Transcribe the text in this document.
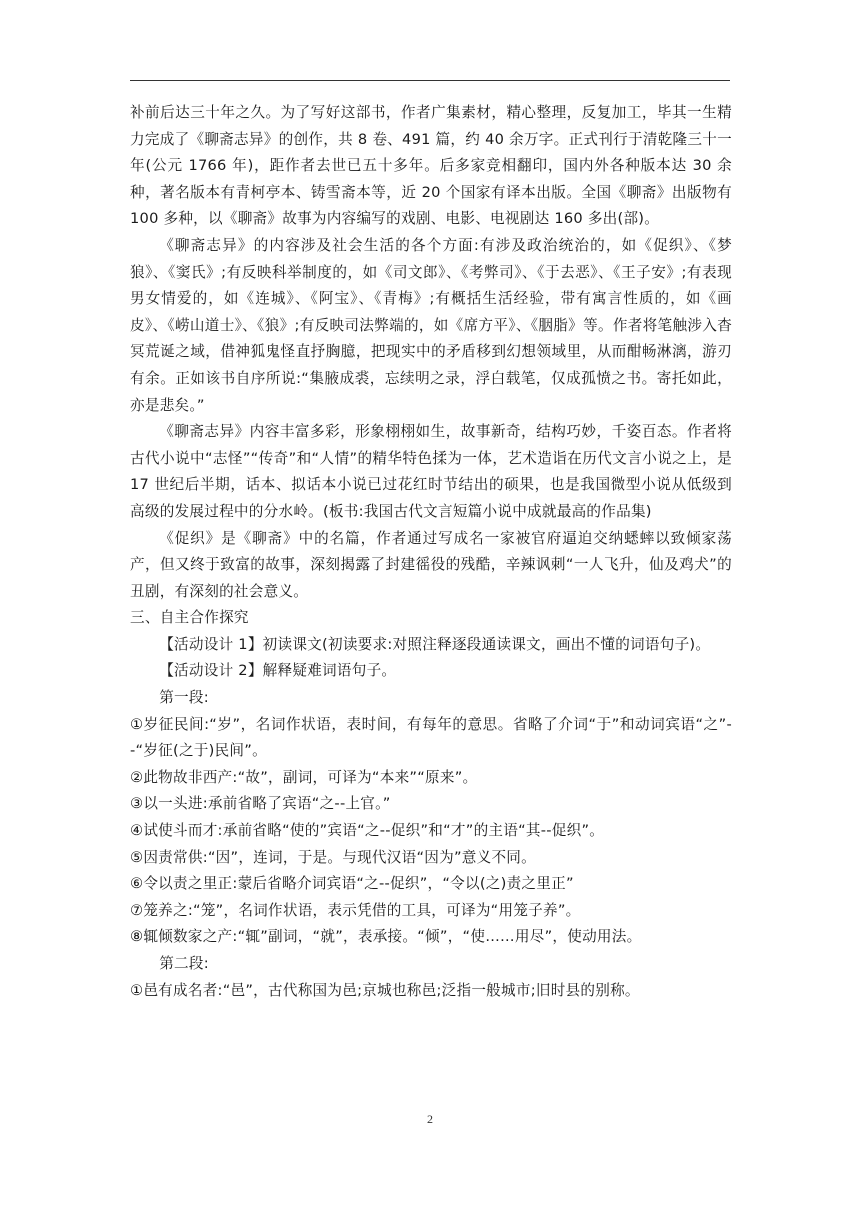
补前后达三十年之久。为了写好这部书，作者广集素材，精心整理，反复加工，毕其一生精力完成了《聊斋志异》的创作，共 8 卷、491 篇，约 40 余万字。正式刊行于清乾隆三十一年(公元 1766 年)，距作者去世已五十多年。后多家竞相翻印，国内外各种版本达 30 余种，著名版本有青柯亭本、铸雪斋本等，近 20 个国家有译本出版。全国《聊斋》出版物有 100 多种，以《聊斋》故事为内容编写的戏剧、电影、电视剧达 160 多出(部)。

《聊斋志异》的内容涉及社会生活的各个方面:有涉及政治统治的，如《促织》、《梦狼》、《窦氏》;有反映科举制度的，如《司文郎》、《考弊司》、《于去恶》、《王子安》;有表现男女情爱的，如《连城》、《阿宝》、《青梅》;有概括生活经验，带有寓言性质的，如《画皮》、《崂山道士》、《狼》;有反映司法弊端的，如《席方平》、《胭脂》等。作者将笔触涉入杳冥荒诞之域，借神狐鬼怪直抒胸臆，把现实中的矛盾移到幻想领域里，从而酣畅淋漓，游刃有余。正如该书自序所说:“集腋成裘，忘续明之录，浮白载笔，仅成孤愤之书。寄托如此，亦是悲矣。”

《聊斋志异》内容丰富多彩，形象栩栩如生，故事新奇，结构巧妙，千姿百态。作者将古代小说中“志怪”“传奇”和“人情”的精华特色揉为一体，艺术造诣在历代文言小说之上，是 17 世纪后半期，话本、拟话本小说已过花红时节结出的硕果，也是我国微型小说从低级到高级的发展过程中的分水岭。(板书:我国古代文言短篇小说中成就最高的作品集)

《促织》是《聊斋》中的名篇，作者通过写成名一家被官府逼迫交纳蟋蟀以致倾家荡产，但又终于致富的故事，深刻揭露了封建徭役的残酷，辛辣讽刺“一人飞升，仙及鸡犬”的丑剧，有深刻的社会意义。

三、自主合作探究

【活动设计 1】初读课文(初读要求:对照注释逐段通读课文，画出不懂的词语句子)。

【活动设计 2】解释疑难词语句子。

第一段:

①岁征民间:“岁”，名词作状语，表时间，有每年的意思。省略了介词“于”和动词宾语“之”--“岁征(之于)民间”。

②此物故非西产:“故”，副词，可译为“本来”“原来”。

③以一头进:承前省略了宾语“之--上官。”

④试使斗而才:承前省略“使的”宾语“之--促织”和“才”的主语“其--促织”。

⑤因责常供:“因”，连词，于是。与现代汉语“因为”意义不同。

⑥令以责之里正:蒙后省略介词宾语“之--促织”，“令以(之)责之里正”

⑦笼养之:“笼”，名词作状语，表示凭借的工具，可译为“用笼子养”。

⑧辄倾数家之产:“辄”副词，“就”，表承接。“倾”，“使……用尽”，使动用法。

第二段:

①邑有成名者:“邑”，古代称国为邑;京城也称邑;泛指一般城市;旧时县的别称。

2
